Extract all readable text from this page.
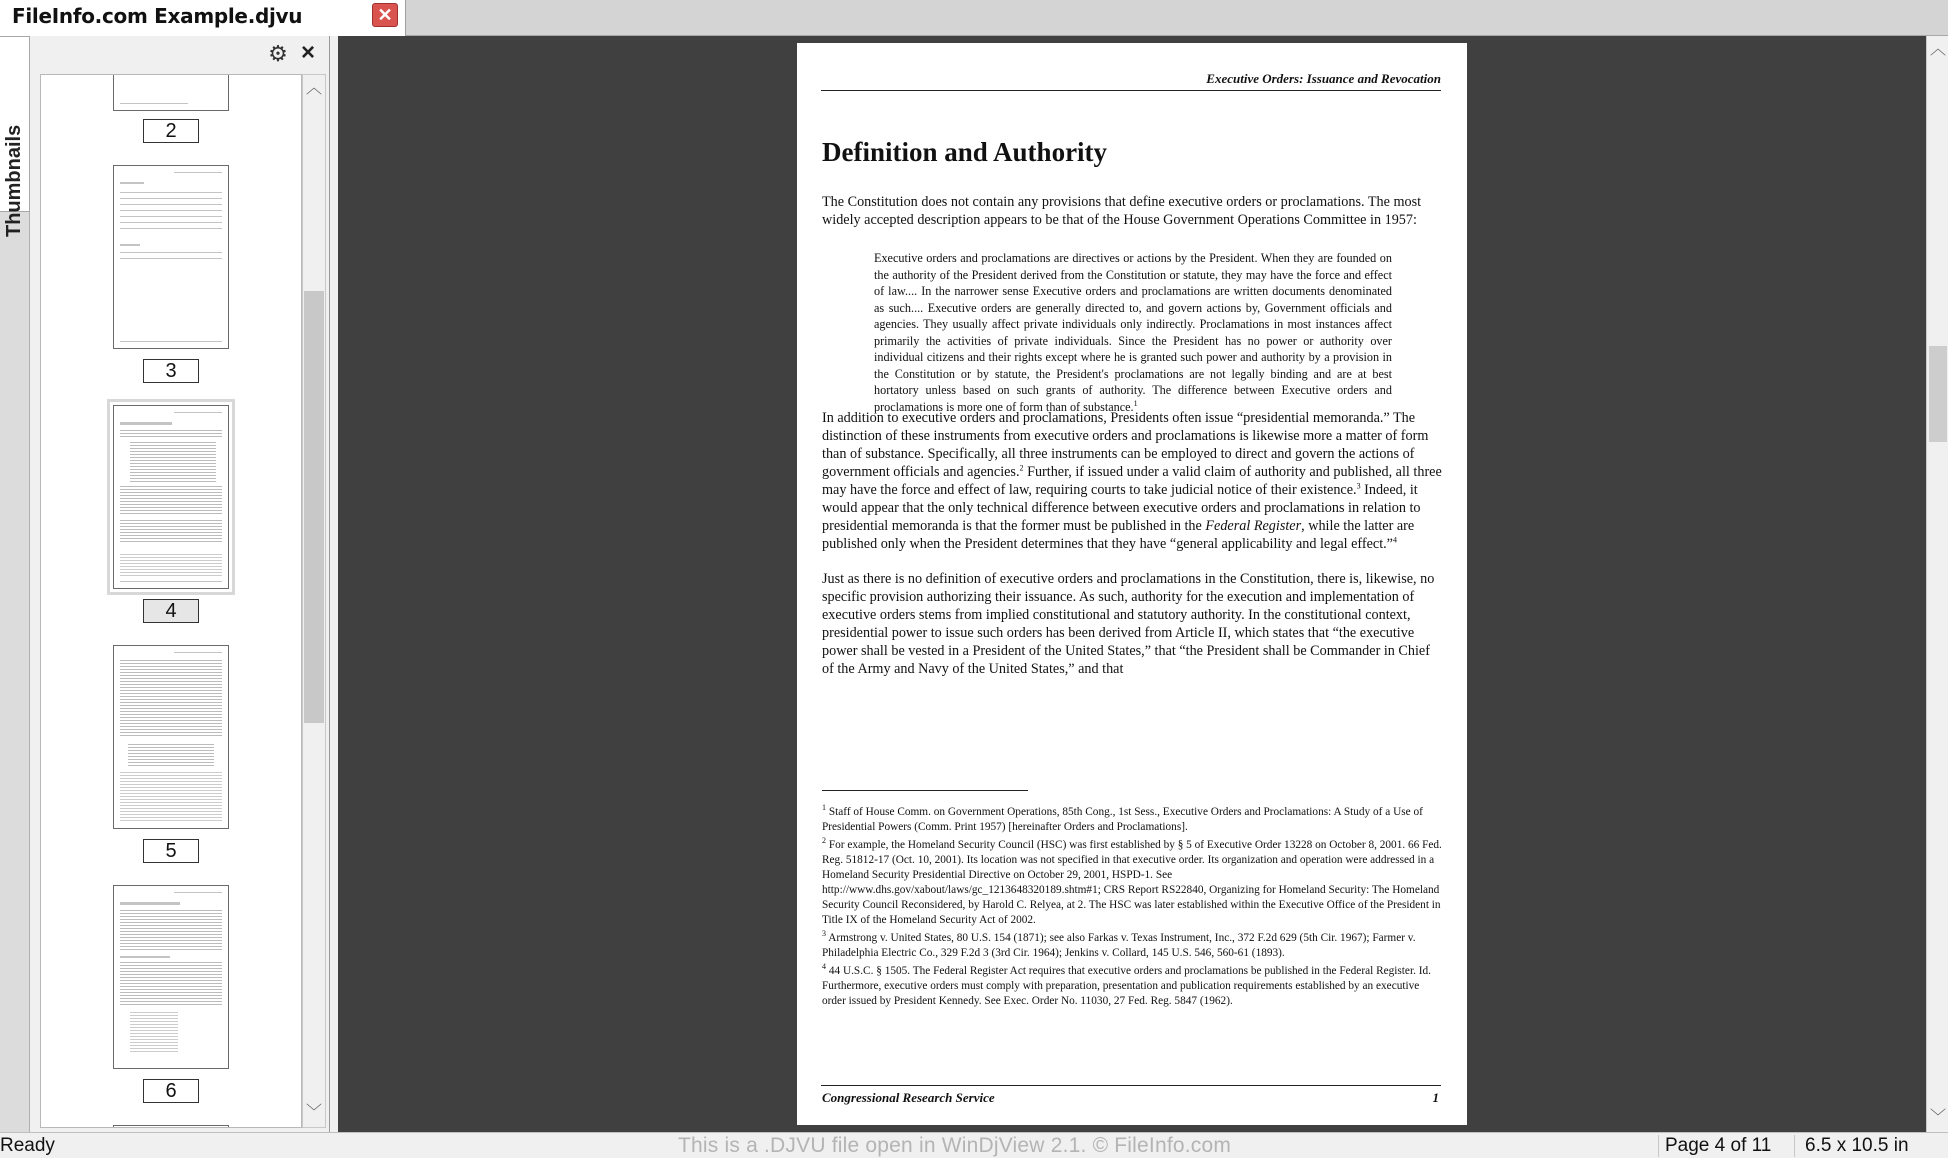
FileInfo.com Example.djvu	✕
Thumbnails
⚙ ×
2
3
4
5
6
︿
﹀
Executive Orders: Issuance and Revocation
Definition and Authority
The Constitution does not contain any provisions that define executive orders or proclamations. The most widely accepted description appears to be that of the House Government Operations Committee in 1957:
Executive orders and proclamations are directives or actions by the President. When they are founded on the authority of the President derived from the Constitution or statute, they may have the force and effect of law.... In the narrower sense Executive orders and proclamations are written documents denominated as such.... Executive orders are generally directed to, and govern actions by, Government officials and agencies. They usually affect private individuals only indirectly. Proclamations in most instances affect primarily the activities of private individuals. Since the President has no power or authority over individual citizens and their rights except where he is granted such power and authority by a provision in the Constitution or by statute, the President's proclamations are not legally binding and are at best hortatory unless based on such grants of authority. The difference between Executive orders and proclamations is more one of form than of substance.$^1$
In addition to executive orders and proclamations, Presidents often issue “presidential memoranda.” The distinction of these instruments from executive orders and proclamations is likewise more a matter of form than of substance. Specifically, all three instruments can be employed to direct and govern the actions of government officials and agencies.$^2$ Further, if issued under a valid claim of authority and published, all three may have the force and effect of law, requiring courts to take judicial notice of their existence.$^3$ Indeed, it would appear that the only technical difference between executive orders and proclamations in relation to presidential memoranda is that the former must be published in the Federal Register, while the latter are published only when the President determines that they have “general applicability and legal effect.”$^4$
Just as there is no definition of executive orders and proclamations in the Constitution, there is, likewise, no specific provision authorizing their issuance. As such, authority for the execution and implementation of executive orders stems from implied constitutional and statutory authority. In the constitutional context, presidential power to issue such orders has been derived from Article II, which states that “the executive power shall be vested in a President of the United States,” that “the President shall be Commander in Chief of the Army and Navy of the United States,” and that

$^1$ Staff of House Comm. on Government Operations, 85th Cong., 1st Sess., Executive Orders and Proclamations: A Study of a Use of Presidential Powers (Comm. Print 1957) [hereinafter Orders and Proclamations].

$^2$ For example, the Homeland Security Council (HSC) was first established by § 5 of Executive Order 13228 on October 8, 2001. 66 Fed. Reg. 51812-17 (Oct. 10, 2001). Its location was not specified in that executive order. Its organization and operation were addressed in a Homeland Security Presidential Directive on October 29, 2001, HSPD-1. See http://www.dhs.gov/xabout/laws/gc_1213648320189.shtm#1; CRS Report RS22840, Organizing for Homeland Security: The Homeland Security Council Reconsidered, by Harold C. Relyea, at 2. The HSC was later established within the Executive Office of the President in Title IX of the Homeland Security Act of 2002.

$^3$ Armstrong v. United States, 80 U.S. 154 (1871); see also Farkas v. Texas Instrument, Inc., 372 F.2d 629 (5th Cir. 1967); Farmer v. Philadelphia Electric Co., 329 F.2d 3 (3rd Cir. 1964); Jenkins v. Collard, 145 U.S. 546, 560-61 (1893).

$^4$ 44 U.S.C. § 1505. The Federal Register Act requires that executive orders and proclamations be published in the Federal Register. Id. Furthermore, executive orders must comply with preparation, presentation and publication requirements established by an executive order issued by President Kennedy. See Exec. Order No. 11030, 27 Fed. Reg. 5847 (1962).

Congressional Research Service	1
︿
﹀
Ready	This is a .DJVU file open in WinDjView 2.1. © FileInfo.com	Page 4 of 11	6.5 x 10.5 in
